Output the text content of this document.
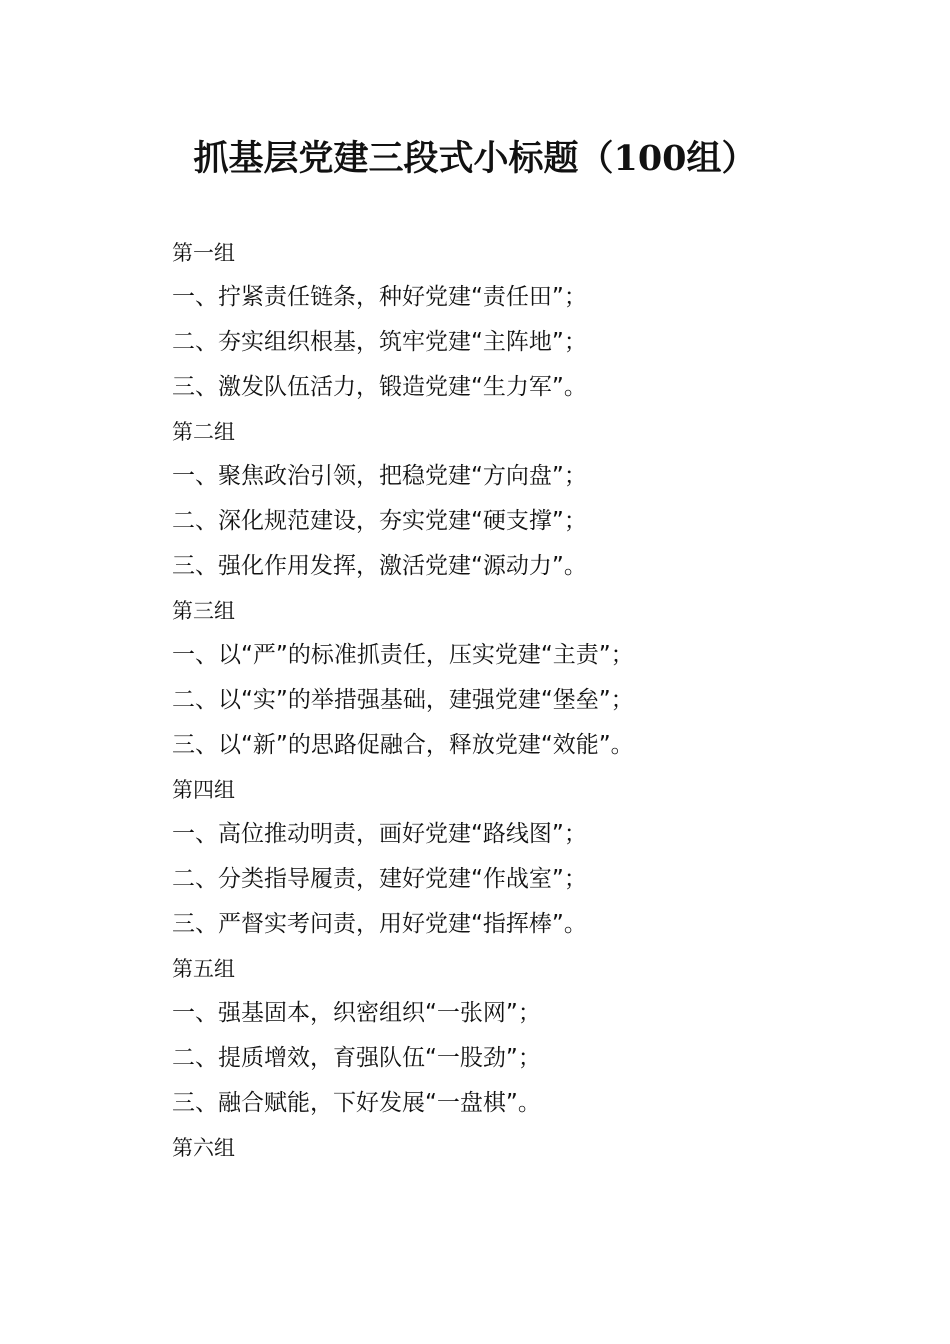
抓基层党建三段式小标题（100组）

第一组

一、拧紧责任链条，种好党建“责任田”；

二、夯实组织根基，筑牢党建“主阵地”；

三、激发队伍活力，锻造党建“生力军”。

第二组

一、聚焦政治引领，把稳党建“方向盘”；

二、深化规范建设，夯实党建“硬支撑”；

三、强化作用发挥，激活党建“源动力”。

第三组

一、以“严”的标准抓责任，压实党建“主责”；

二、以“实”的举措强基础，建强党建“堡垒”；

三、以“新”的思路促融合，释放党建“效能”。

第四组

一、高位推动明责，画好党建“路线图”；

二、分类指导履责，建好党建“作战室”；

三、严督实考问责，用好党建“指挥棒”。

第五组

一、强基固本，织密组织“一张网”；

二、提质增效，育强队伍“一股劲”；

三、融合赋能，下好发展“一盘棋”。

第六组
